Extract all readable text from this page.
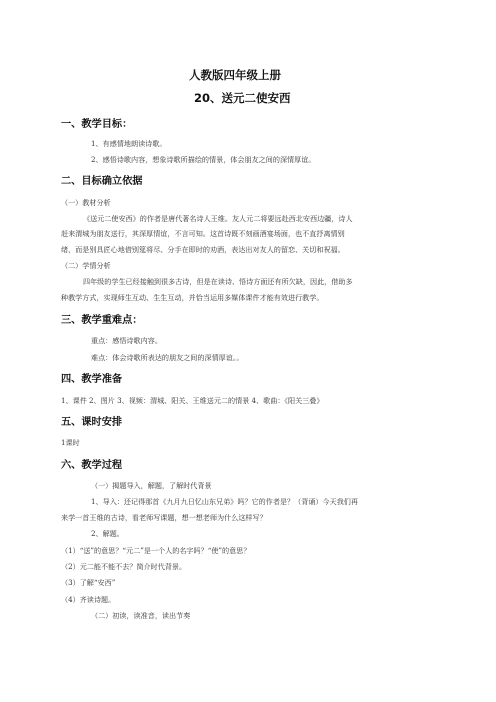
人教版四年级上册
20、送元二使安西
一、教学目标：
1、有感情地朗读诗歌。
2、感悟诗歌内容，想象诗歌所描绘的情景，体会朋友之间的深情厚谊。
二、目标确立依据
（一）教材分析
《送元二使安西》的作者是唐代著名诗人王维。友人元二将要远赴西北安西边疆，诗人
赶来渭城为朋友送行，其深厚情谊，不言可知。这首诗既不刻画酒宴场面，也不直抒离情别
绪，而是别具匠心地借别筵将尽、分手在即时的劝酒，表达出对友人的留恋、关切和祝福。
（二）学情分析
四年级的学生已经接触到很多古诗，但是在读诗、悟诗方面还有所欠缺，因此，借助多
种教学方式，实现师生互动、生生互动，并恰当运用多媒体课件才能有效进行教学。
三、教学重难点：
重点：感悟诗歌内容。
难点：体会诗歌所表达的朋友之间的深情厚谊。。
四、教学准备
1、课件 2、图片 3、视频：渭城、阳关、王维送元二的情景 4、歌曲：《阳关三叠》
五、课时安排
1课时
六、教学过程
（一）揭题导入，解题，了解时代背景
1、导入：还记得那首《九月九日忆山东兄弟》吗？它的作者是？（背诵）今天我们再
来学一首王维的古诗，看老师写课题，想一想老师为什么这样写？
2、解题。
（1）“送”的意思？“元二”是一个人的名字吗？“使”的意思？
（2）元二能不能不去？简介时代背景。
（3）了解“安西”
（4）齐读诗题。
（二）初读，读准音，读出节奏
